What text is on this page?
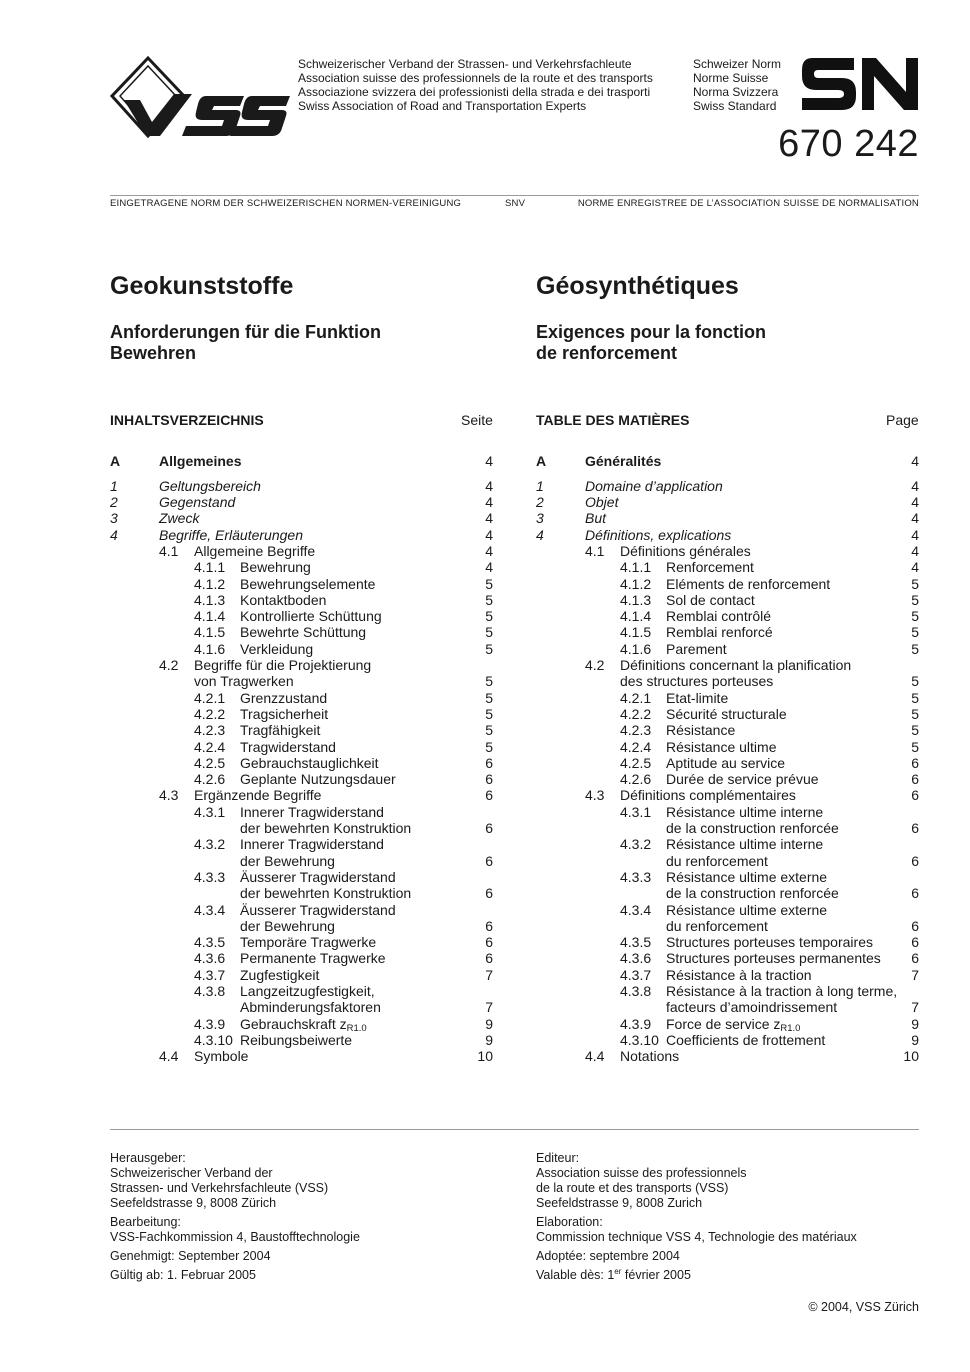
Schweizerischer Verband der Strassen- und Verkehrsfachleute
Association suisse des professionnels de la route et des transports
Associazione svizzera dei professionisti della strada e dei trasporti
Swiss Association of Road and Transportation Experts
Schweizer Norm
Norme Suisse
Norma Svizzera
Swiss Standard
670 242
EINGETRAGENE NORM DER SCHWEIZERISCHEN NORMEN-VEREINIGUNG	SNV	NORME ENREGISTREE DE L’ASSOCIATION SUISSE DE NORMALISATION
Geokunststoffe	Géosynthétiques
Anforderungen für die Funktion
Bewehren
Exigences pour la fonction
de renforcement
INHALTSVERZEICHNIS	Seite	TABLE DES MATIÈRES	Page
A	Allgemeines	4
1	Geltungsbereich	4
2	Gegenstand	4
3	Zweck	4
4	Begriffe, Erläuterungen	4
4.1 Allgemeine Begriffe	4
4.1.1 Bewehrung	4
4.1.2 Bewehrungselemente	5
4.1.3 Kontaktboden	5
4.1.4 Kontrollierte Schüttung	5
4.1.5 Bewehrte Schüttung	5
4.1.6 Verkleidung	5
4.2 Begriffe für die Projektierung
von Tragwerken	5
4.2.1 Grenzzustand	5
4.2.2 Tragsicherheit	5
4.2.3 Tragfähigkeit	5
4.2.4 Tragwiderstand	5
4.2.5 Gebrauchstauglichkeit	6
4.2.6 Geplante Nutzungsdauer	6
4.3 Ergänzende Begriffe	6
4.3.1 Innerer Tragwiderstand
der bewehrten Konstruktion	6
4.3.2 Innerer Tragwiderstand
der Bewehrung	6
4.3.3 Äusserer Tragwiderstand
der bewehrten Konstruktion	6
4.3.4 Äusserer Tragwiderstand
der Bewehrung	6
4.3.5 Temporäre Tragwerke	6
4.3.6 Permanente Tragwerke	6
4.3.7 Zugfestigkeit	7
4.3.8 Langzeitzugfestigkeit,
Abminderungsfaktoren	7
4.3.9 Gebrauchskraft $z_{R1.0}$	9
4.3.10 Reibungsbeiwerte	9
4.4 Symbole	10
A	Généralités	4
1	Domaine d’application	4
2	Objet	4
3	But	4
4	Définitions, explications	4
4.1 Définitions générales	4
4.1.1 Renforcement	4
4.1.2 Eléments de renforcement	5
4.1.3 Sol de contact	5
4.1.4 Remblai contrôlé	5
4.1.5 Remblai renforcé	5
4.1.6 Parement	5
4.2 Définitions concernant la planification
des structures porteuses	5
4.2.1 Etat-limite	5
4.2.2 Sécurité structurale	5
4.2.3 Résistance	5
4.2.4 Résistance ultime	5
4.2.5 Aptitude au service	6
4.2.6 Durée de service prévue	6
4.3 Définitions complémentaires	6
4.3.1 Résistance ultime interne
de la construction renforcée	6
4.3.2 Résistance ultime interne
du renforcement	6
4.3.3 Résistance ultime externe
de la construction renforcée	6
4.3.4 Résistance ultime externe
du renforcement	6
4.3.5 Structures porteuses temporaires	6
4.3.6 Structures porteuses permanentes 6
4.3.7 Résistance à la traction	7
4.3.8 Résistance à la traction à long terme,
facteurs d’amoindrissement	7
4.3.9 Force de service $z_{R1.0}$	9
4.3.10 Coefficients de frottement	9
4.4 Notations	10
Herausgeber:
Schweizerischer Verband der
Strassen- und Verkehrsfachleute (VSS)
Seefeldstrasse 9, 8008 Zürich
Bearbeitung:
VSS-Fachkommission 4, Baustofftechnologie
Genehmigt: September 2004
Gültig ab: 1. Februar 2005
Editeur:
Association suisse des professionnels
de la route et des transports (VSS)
Seefeldstrasse 9, 8008 Zurich
Elaboration:
Commission technique VSS 4, Technologie des matériaux
Adoptée: septembre 2004
Valable dès: 1er février 2005
© 2004, VSS Zürich
